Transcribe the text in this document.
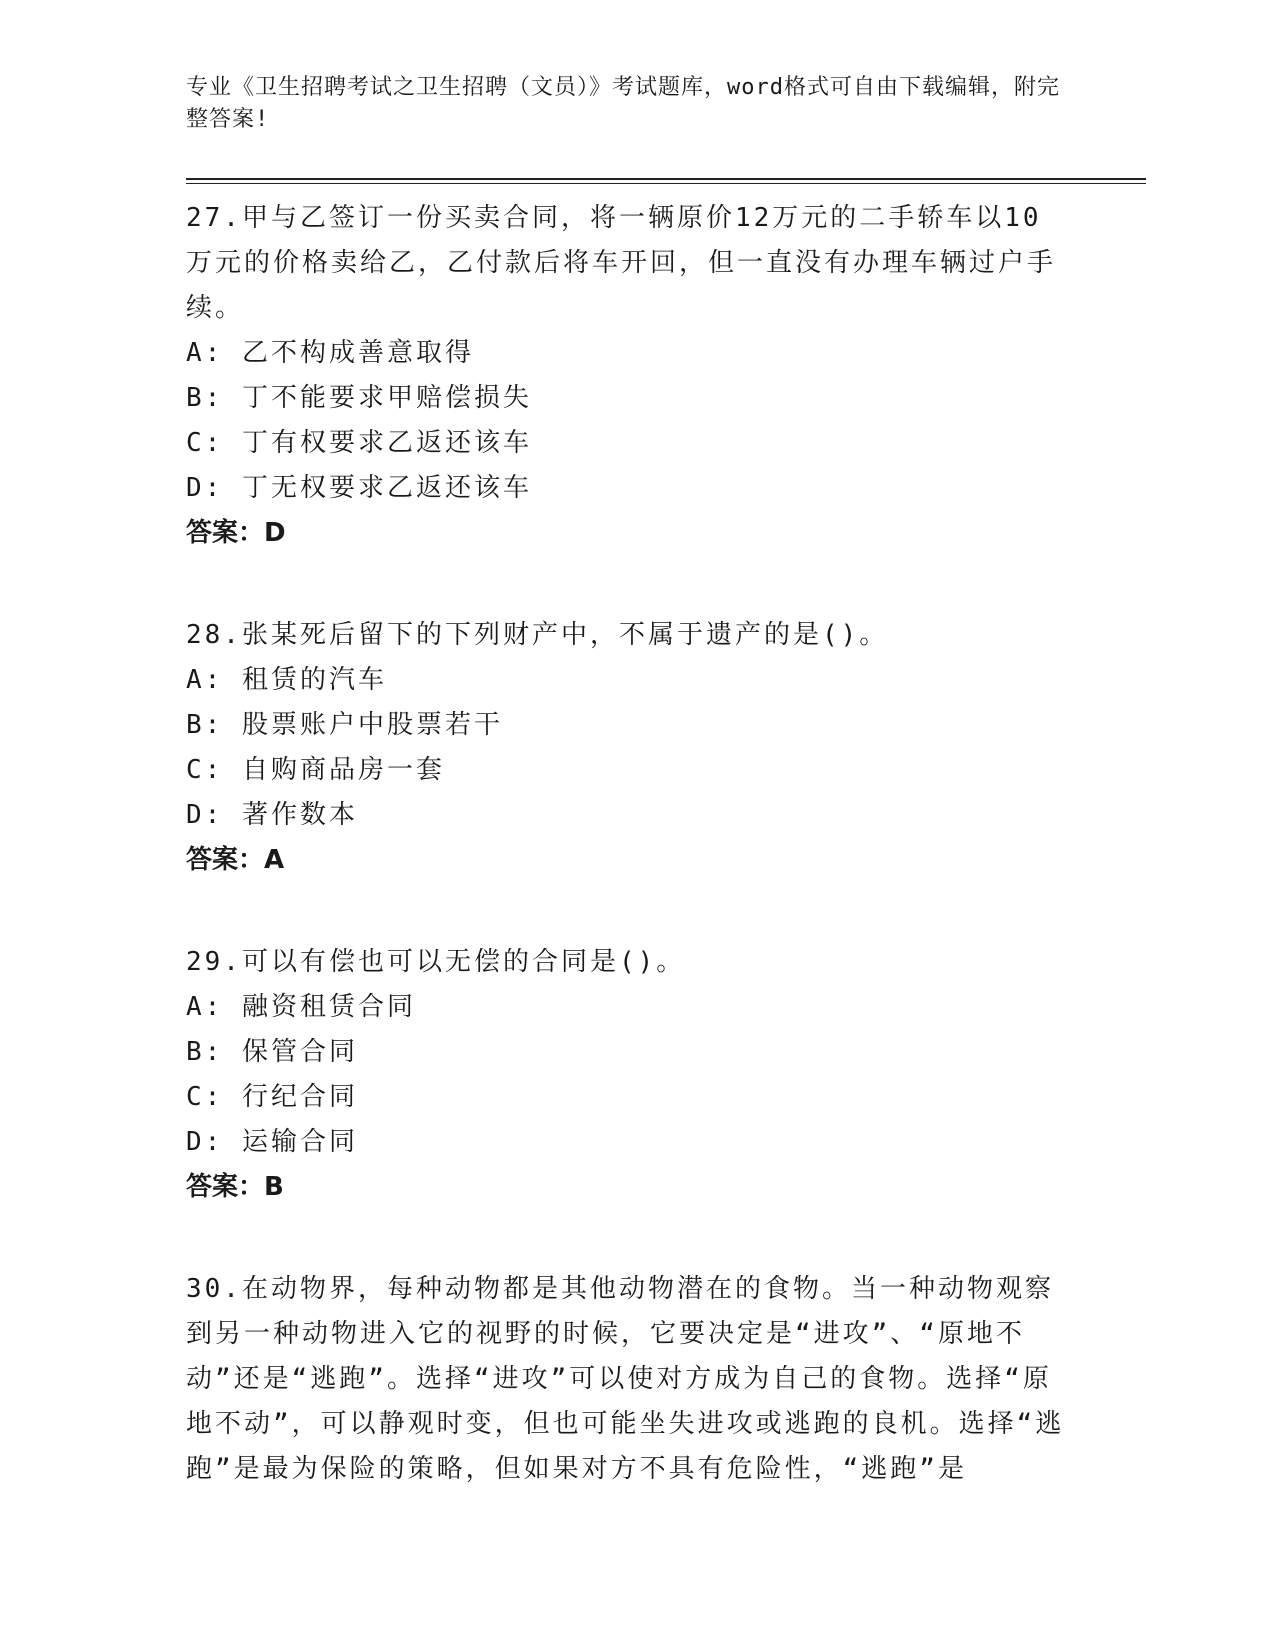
专业《卫生招聘考试之卫生招聘（文员）》考试题库，word格式可自由下载编辑，附完整答案!

27.甲与乙签订一份买卖合同，将一辆原价12万元的二手轿车以10万元的价格卖给乙，乙付款后将车开回，但一直没有办理车辆过户手续。

A: 乙不构成善意取得

B: 丁不能要求甲赔偿损失

C: 丁有权要求乙返还该车

D: 丁无权要求乙返还该车

答案：D

28.张某死后留下的下列财产中，不属于遗产的是()。

A: 租赁的汽车

B: 股票账户中股票若干

C: 自购商品房一套

D: 著作数本

答案：A

29.可以有偿也可以无偿的合同是()。

A: 融资租赁合同

B: 保管合同

C: 行纪合同

D: 运输合同

答案：B

30.在动物界，每种动物都是其他动物潜在的食物。当一种动物观察到另一种动物进入它的视野的时候，它要决定是“进攻”、“原地不动”还是“逃跑”。选择“进攻”可以使对方成为自己的食物。选择“原地不动”，可以静观时变，但也可能坐失进攻或逃跑的良机。选择“逃跑”是最为保险的策略，但如果对方不具有危险性，“逃跑”是
